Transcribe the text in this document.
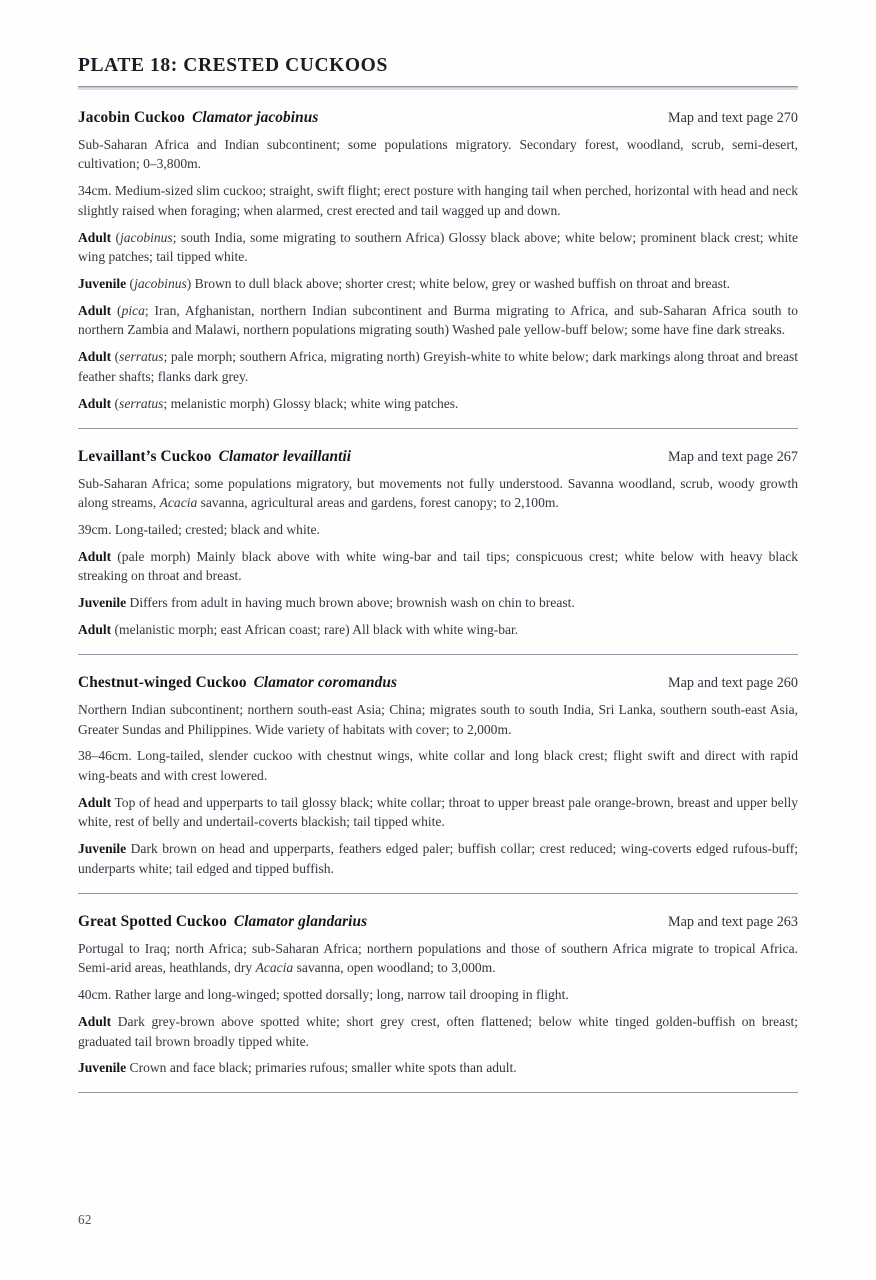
PLATE 18: CRESTED CUCKOOS
Jacobin Cuckoo Clamator jacobinus	Map and text page 270

Sub-Saharan Africa and Indian subcontinent; some populations migratory. Secondary forest, woodland, scrub, semi-desert, cultivation; 0–3,800m.

34cm. Medium-sized slim cuckoo; straight, swift flight; erect posture with hanging tail when perched, horizontal with head and neck slightly raised when foraging; when alarmed, crest erected and tail wagged up and down.

Adult (jacobinus; south India, some migrating to southern Africa) Glossy black above; white below; prominent black crest; white wing patches; tail tipped white.

Juvenile (jacobinus) Brown to dull black above; shorter crest; white below, grey or washed buffish on throat and breast.

Adult (pica; Iran, Afghanistan, northern Indian subcontinent and Burma migrating to Africa, and sub-Saharan Africa south to northern Zambia and Malawi, northern populations migrating south) Washed pale yellow-buff below; some have fine dark streaks.

Adult (serratus; pale morph; southern Africa, migrating north) Greyish-white to white below; dark markings along throat and breast feather shafts; flanks dark grey.

Adult (serratus; melanistic morph) Glossy black; white wing patches.

Levaillant’s Cuckoo Clamator levaillantii	Map and text page 267

Sub-Saharan Africa; some populations migratory, but movements not fully understood. Savanna woodland, scrub, woody growth along streams, Acacia savanna, agricultural areas and gardens, forest canopy; to 2,100m.

39cm. Long-tailed; crested; black and white.

Adult (pale morph) Mainly black above with white wing-bar and tail tips; conspicuous crest; white below with heavy black streaking on throat and breast.

Juvenile Differs from adult in having much brown above; brownish wash on chin to breast.

Adult (melanistic morph; east African coast; rare) All black with white wing-bar.

Chestnut-winged Cuckoo Clamator coromandus	Map and text page 260

Northern Indian subcontinent; northern south-east Asia; China; migrates south to south India, Sri Lanka, southern south-east Asia, Greater Sundas and Philippines. Wide variety of habitats with cover; to 2,000m.

38–46cm. Long-tailed, slender cuckoo with chestnut wings, white collar and long black crest; flight swift and direct with rapid wing-beats and with crest lowered.

Adult Top of head and upperparts to tail glossy black; white collar; throat to upper breast pale orange-brown, breast and upper belly white, rest of belly and undertail-coverts blackish; tail tipped white.

Juvenile Dark brown on head and upperparts, feathers edged paler; buffish collar; crest reduced; wing-coverts edged rufous-buff; underparts white; tail edged and tipped buffish.

Great Spotted Cuckoo Clamator glandarius	Map and text page 263

Portugal to Iraq; north Africa; sub-Saharan Africa; northern populations and those of southern Africa migrate to tropical Africa. Semi-arid areas, heathlands, dry Acacia savanna, open woodland; to 3,000m.

40cm. Rather large and long-winged; spotted dorsally; long, narrow tail drooping in flight.

Adult Dark grey-brown above spotted white; short grey crest, often flattened; below white tinged golden-buffish on breast; graduated tail brown broadly tipped white.

Juvenile Crown and face black; primaries rufous; smaller white spots than adult.

62
